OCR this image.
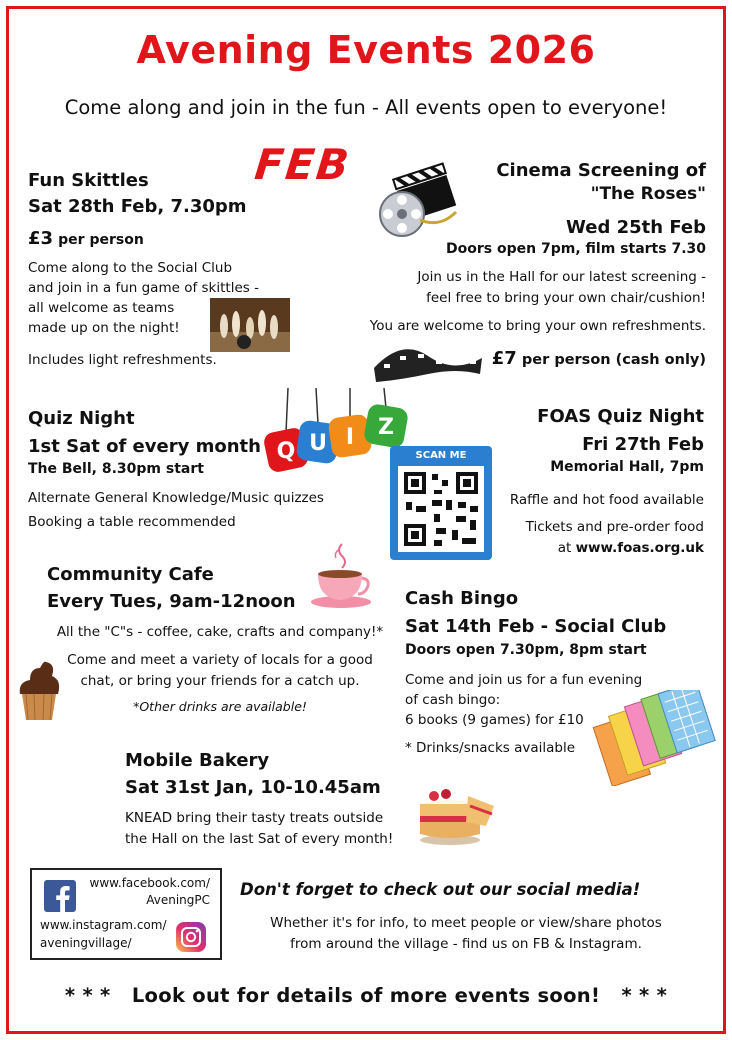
Avening Events 2026
Come along and join in the fun - All events open to everyone!
FEB
Fun Skittles
Sat 28th Feb, 7.30pm
£3 per person
Come along to the Social Club
and join in a fun game of skittles -
all welcome as teams
made up on the night!
Includes light refreshments.
Cinema Screening of
"The Roses"
Wed 25th Feb
Doors open 7pm, film starts 7.30
Join us in the Hall for our latest screening -
feel free to bring your own chair/cushion!
You are welcome to bring your own refreshments.
£7 per person (cash only)
Quiz Night
1st Sat of every month
The Bell, 8.30pm start
Alternate General Knowledge/Music quizzes
Booking a table recommended
Q U I Z
SCAN ME
FOAS Quiz Night
Fri 27th Feb
Memorial Hall, 7pm
Raffle and hot food available
Tickets and pre-order food
at www.foas.org.uk
Community Cafe
Every Tues, 9am-12noon
All the "C"s - coffee, cake, crafts and company!*
Come and meet a variety of locals for a good
chat, or bring your friends for a catch up.
*Other drinks are available!
Cash Bingo
Sat 14th Feb - Social Club
Doors open 7.30pm, 8pm start
Come and join us for a fun evening
of cash bingo:
6 books (9 games) for £10
* Drinks/snacks available
Mobile Bakery
Sat 31st Jan, 10-10.45am
KNEAD bring their tasty treats outside
the Hall on the last Sat of every month!
www.facebook.com/
AveningPC
www.instagram.com/
aveningvillage/
Don't forget to check out our social media!
Whether it's for info, to meet people or view/share photos
from around the village - find us on FB & Instagram.
* * * Look out for details of more events soon! * * *
